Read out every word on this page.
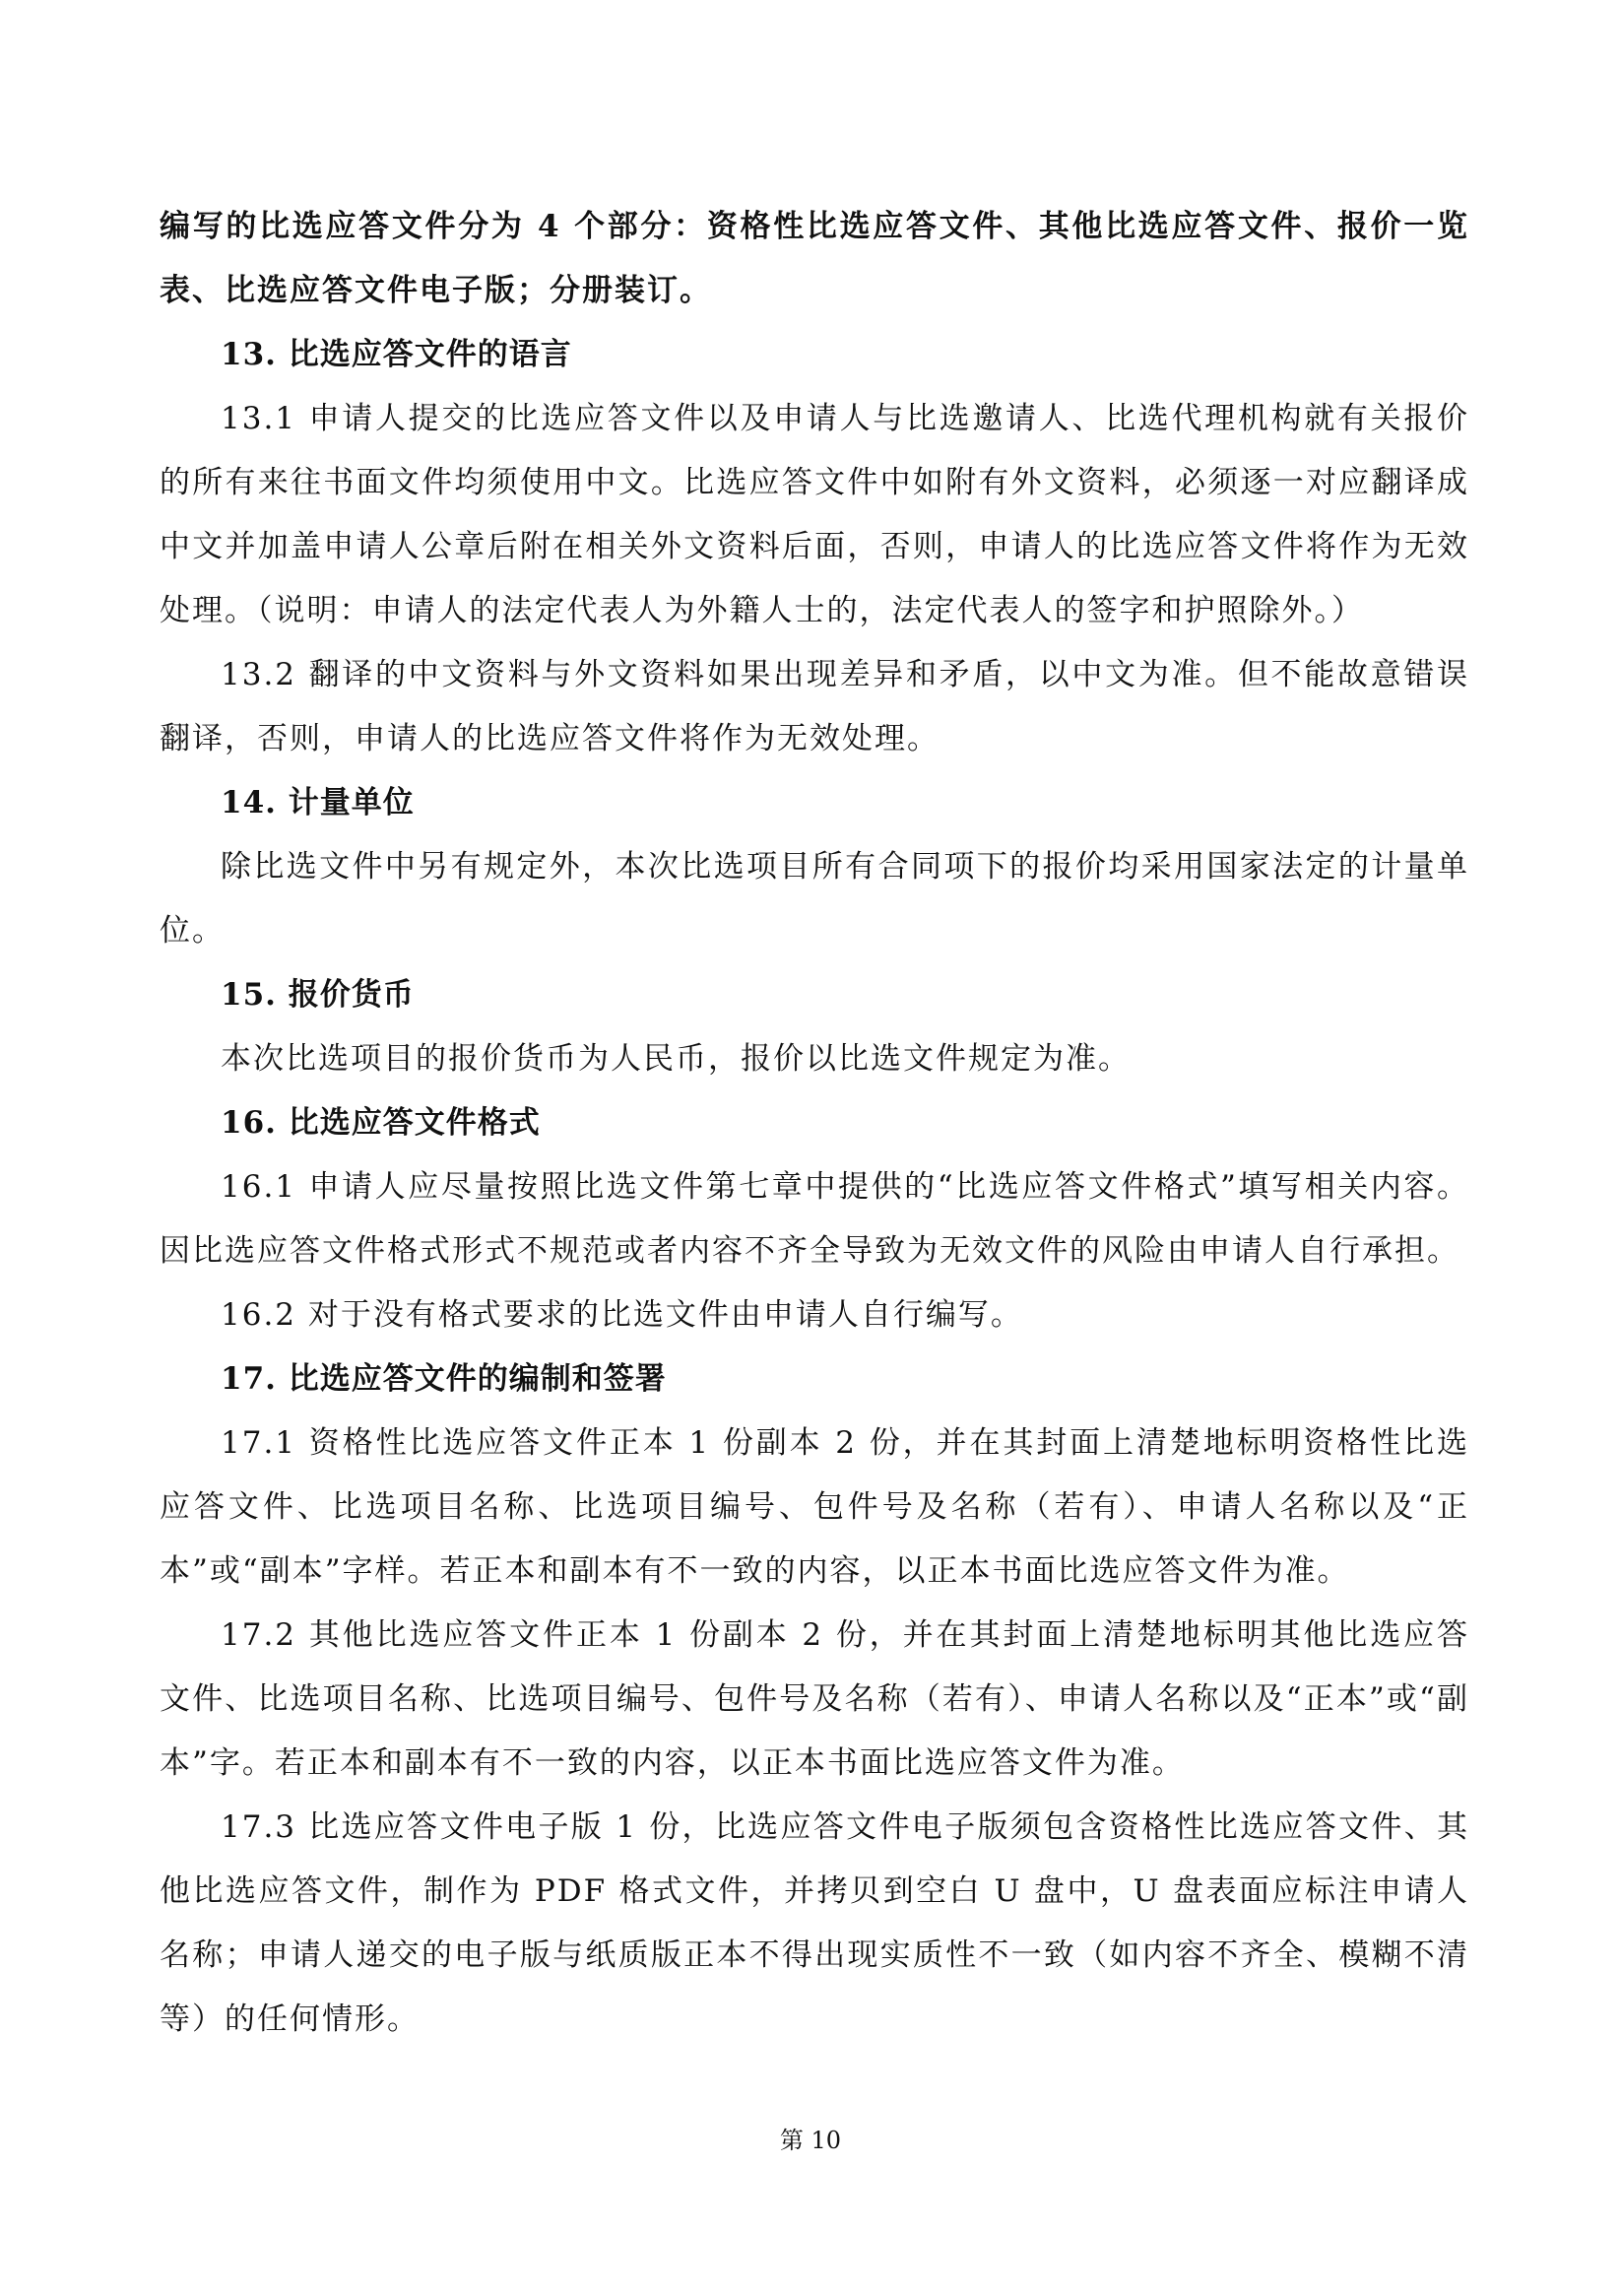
编写的比选应答文件分为 4 个部分：资格性比选应答文件、其他比选应答文件、报价一览表、比选应答文件电子版；分册装订。

13. 比选应答文件的语言

13.1 申请人提交的比选应答文件以及申请人与比选邀请人、比选代理机构就有关报价的所有来往书面文件均须使用中文。比选应答文件中如附有外文资料，必须逐一对应翻译成中文并加盖申请人公章后附在相关外文资料后面，否则，申请人的比选应答文件将作为无效处理。（说明：申请人的法定代表人为外籍人士的，法定代表人的签字和护照除外。）

13.2 翻译的中文资料与外文资料如果出现差异和矛盾，以中文为准。但不能故意错误翻译，否则，申请人的比选应答文件将作为无效处理。

14. 计量单位

除比选文件中另有规定外，本次比选项目所有合同项下的报价均采用国家法定的计量单位。

15. 报价货币

本次比选项目的报价货币为人民币，报价以比选文件规定为准。

16. 比选应答文件格式

16.1 申请人应尽量按照比选文件第七章中提供的“比选应答文件格式”填写相关内容。因比选应答文件格式形式不规范或者内容不齐全导致为无效文件的风险由申请人自行承担。

16.2 对于没有格式要求的比选文件由申请人自行编写。

17. 比选应答文件的编制和签署

17.1 资格性比选应答文件正本 1 份副本 2 份，并在其封面上清楚地标明资格性比选应答文件、比选项目名称、比选项目编号、包件号及名称（若有）、申请人名称以及“正本”或“副本”字样。若正本和副本有不一致的内容，以正本书面比选应答文件为准。

17.2 其他比选应答文件正本 1 份副本 2 份，并在其封面上清楚地标明其他比选应答文件、比选项目名称、比选项目编号、包件号及名称（若有）、申请人名称以及“正本”或“副本”字。若正本和副本有不一致的内容，以正本书面比选应答文件为准。

17.3 比选应答文件电子版 1 份，比选应答文件电子版须包含资格性比选应答文件、其他比选应答文件，制作为 PDF 格式文件，并拷贝到空白 U 盘中，U 盘表面应标注申请人名称；申请人递交的电子版与纸质版正本不得出现实质性不一致（如内容不齐全、模糊不清等）的任何情形。

第 10
